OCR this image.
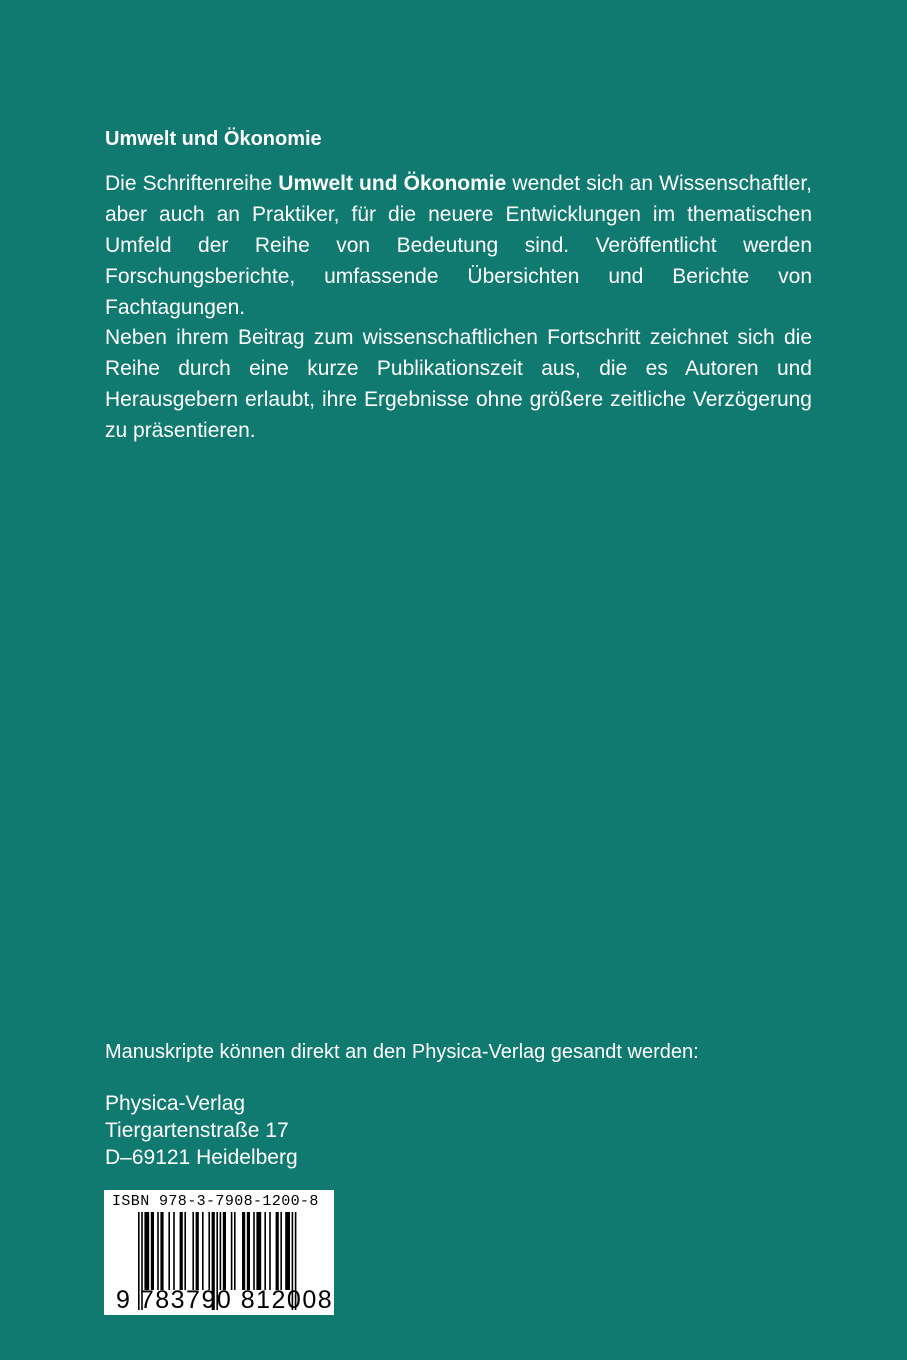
Umwelt und Ökonomie

Die Schriftenreihe Umwelt und Ökonomie wendet sich an Wissenschaftler, aber auch an Praktiker, für die neuere Entwicklungen im thematischen Umfeld der Reihe von Bedeutung sind. Veröffentlicht werden Forschungsberichte, umfassende Übersichten und Berichte von Fachtagungen.

Neben ihrem Beitrag zum wissenschaftlichen Fortschritt zeichnet sich die Reihe durch eine kurze Publikationszeit aus, die es Autoren und Herausgebern erlaubt, ihre Ergebnisse ohne größere zeitliche Verzögerung zu präsentieren.

Manuskripte können direkt an den Physica-Verlag gesandt werden:
Physica-Verlag
Tiergartenstraße 17
D–69121 Heidelberg
ISBN 978-3-7908-1200-8
9 783790 812008
